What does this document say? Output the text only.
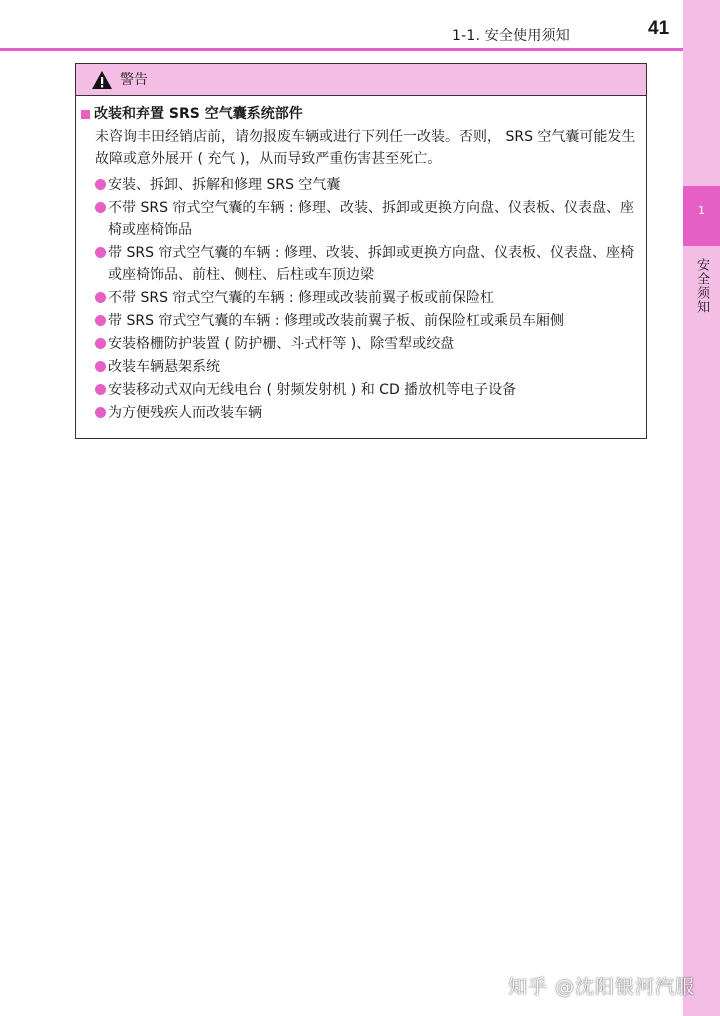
1-1. 安全使用须知	41
1
安全须知
警告
改装和弃置 SRS 空气囊系统部件
未咨询丰田经销店前，请勿报废车辆或进行下列任一改装。否则， SRS 空气囊可能发生故障或意外展开 ( 充气 )，从而导致严重伤害甚至死亡。
安装、拆卸、拆解和修理 SRS 空气囊
不带 SRS 帘式空气囊的车辆 : 修理、改装、拆卸或更换方向盘、仪表板、仪表盘、座椅或座椅饰品
带 SRS 帘式空气囊的车辆 : 修理、改装、拆卸或更换方向盘、仪表板、仪表盘、座椅或座椅饰品、前柱、侧柱、后柱或车顶边梁
不带 SRS 帘式空气囊的车辆 : 修理或改装前翼子板或前保险杠
带 SRS 帘式空气囊的车辆 : 修理或改装前翼子板、前保险杠或乘员车厢侧
安装格栅防护装置 ( 防护栅、斗式杆等 )、除雪犁或绞盘
改装车辆悬架系统
安装移动式双向无线电台 ( 射频发射机 ) 和 CD 播放机等电子设备
为方便残疾人而改装车辆
知乎 @沈阳银河汽服
